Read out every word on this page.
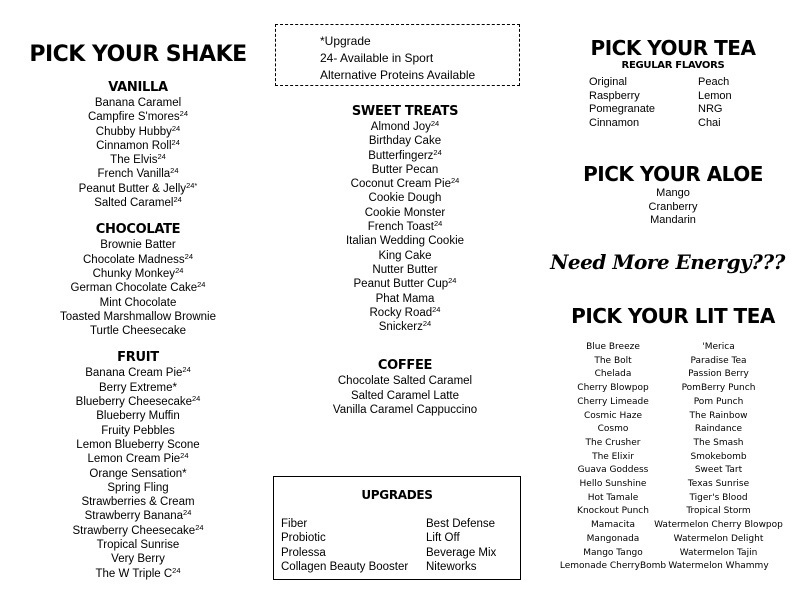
PICK YOUR SHAKE
VANILLA
Banana Caramel
Campfire S'mores$^{24}$
Chubby Hubby$^{24}$
Cinnamon Roll$^{24}$
The Elvis$^{24}$
French Vanilla$^{24}$
Peanut Butter & Jelly$^{24*}$
Salted Caramel$^{24}$
CHOCOLATE
Brownie Batter
Chocolate Madness$^{24}$
Chunky Monkey$^{24}$
German Chocolate Cake$^{24}$
Mint Chocolate
Toasted Marshmallow Brownie
Turtle Cheesecake
FRUIT
Banana Cream Pie$^{24}$
Berry Extreme*
Blueberry Cheesecake$^{24}$
Blueberry Muffin
Fruity Pebbles
Lemon Blueberry Scone
Lemon Cream Pie$^{24}$
Orange Sensation*
Spring Fling
Strawberries & Cream
Strawberry Banana$^{24}$
Strawberry Cheesecake$^{24}$
Tropical Sunrise
Very Berry
The W Triple $C^{24}$
*Upgrade
24- Available in Sport
Alternative Proteins Available
SWEET TREATS
Almond Joy$^{24}$
Birthday Cake
Butterfingerz$^{24}$
Butter Pecan
Coconut Cream Pie$^{24}$
Cookie Dough
Cookie Monster
French Toast$^{24}$
Italian Wedding Cookie
King Cake
Nutter Butter
Peanut Butter Cup$^{24}$
Phat Mama
Rocky Road$^{24}$
Snickerz$^{24}$
COFFEE
Chocolate Salted Caramel
Salted Caramel Latte
Vanilla Caramel Cappuccino
UPGRADES
Fiber
Probiotic
Prolessa
Collagen Beauty Booster
Best Defense
Lift Off
Beverage Mix
Niteworks
PICK YOUR TEA
REGULAR FLAVORS
Original
Raspberry
Pomegranate
Cinnamon
Peach
Lemon
NRG
Chai
PICK YOUR ALOE
Mango
Cranberry
Mandarin
Need More Energy???
PICK YOUR LIT TEA
Blue Breeze
The Bolt
Chelada
Cherry Blowpop
Cherry Limeade
Cosmic Haze
Cosmo
The Crusher
The Elixir
Guava Goddess
Hello Sunshine
Hot Tamale
Knockout Punch
Mamacita
Mangonada
Mango Tango
Lemonade CherryBomb
'Merica
Paradise Tea
Passion Berry
PomBerry Punch
Pom Punch
The Rainbow
Raindance
The Smash
Smokebomb
Sweet Tart
Texas Sunrise
Tiger's Blood
Tropical Storm
Watermelon Cherry Blowpop
Watermelon Delight
Watermelon Tajin
Watermelon Whammy
